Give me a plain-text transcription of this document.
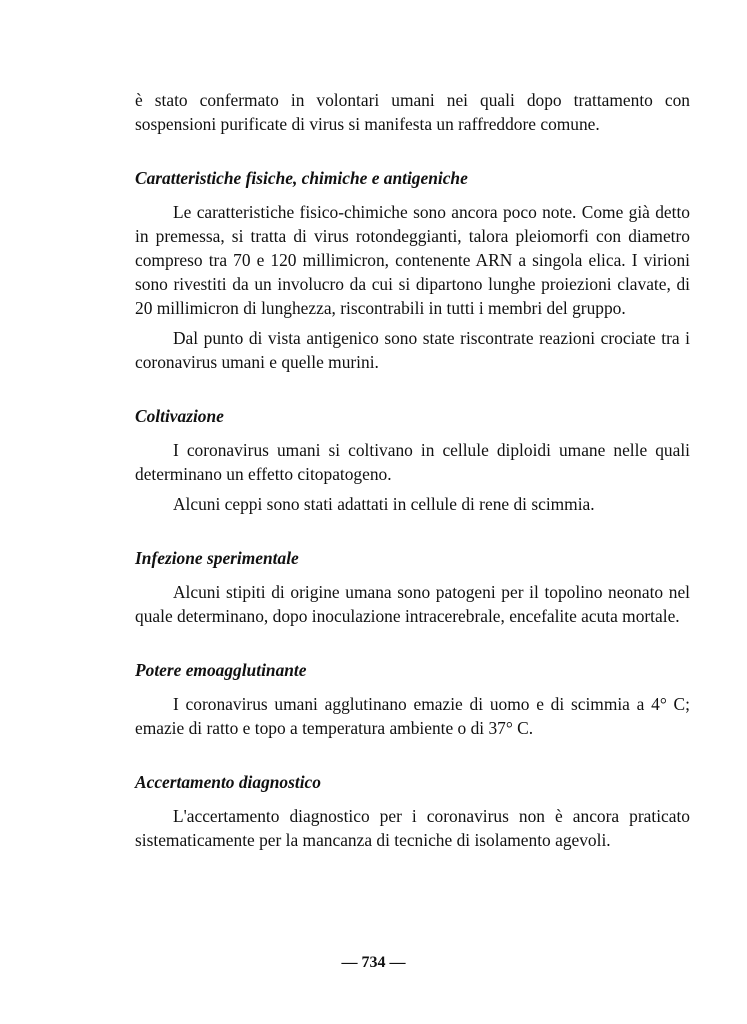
è stato confermato in volontari umani nei quali dopo trattamento con sospensioni purificate di virus si manifesta un raffreddore comune.

Caratteristiche fisiche, chimiche e antigeniche

Le caratteristiche fisico-chimiche sono ancora poco note. Come già detto in premessa, si tratta di virus rotondeggianti, talora pleiomorfi con diametro compreso tra 70 e 120 millimicron, contenente ARN a singola elica. I virioni sono rivestiti da un involucro da cui si dipartono lunghe proiezioni clavate, di 20 millimicron di lunghezza, riscontrabili in tutti i membri del gruppo.

Dal punto di vista antigenico sono state riscontrate reazioni crociate tra i coronavirus umani e quelle murini.

Coltivazione

I coronavirus umani si coltivano in cellule diploidi umane nelle quali determinano un effetto citopatogeno.

Alcuni ceppi sono stati adattati in cellule di rene di scimmia.

Infezione sperimentale

Alcuni stipiti di origine umana sono patogeni per il topolino neonato nel quale determinano, dopo inoculazione intracerebrale, encefalite acuta mortale.

Potere emoagglutinante

I coronavirus umani agglutinano emazie di uomo e di scimmia a 4° C; emazie di ratto e topo a temperatura ambiente o di 37° C.

Accertamento diagnostico

L'accertamento diagnostico per i coronavirus non è ancora praticato sistematicamente per la mancanza di tecniche di isolamento agevoli.

— 734 —
